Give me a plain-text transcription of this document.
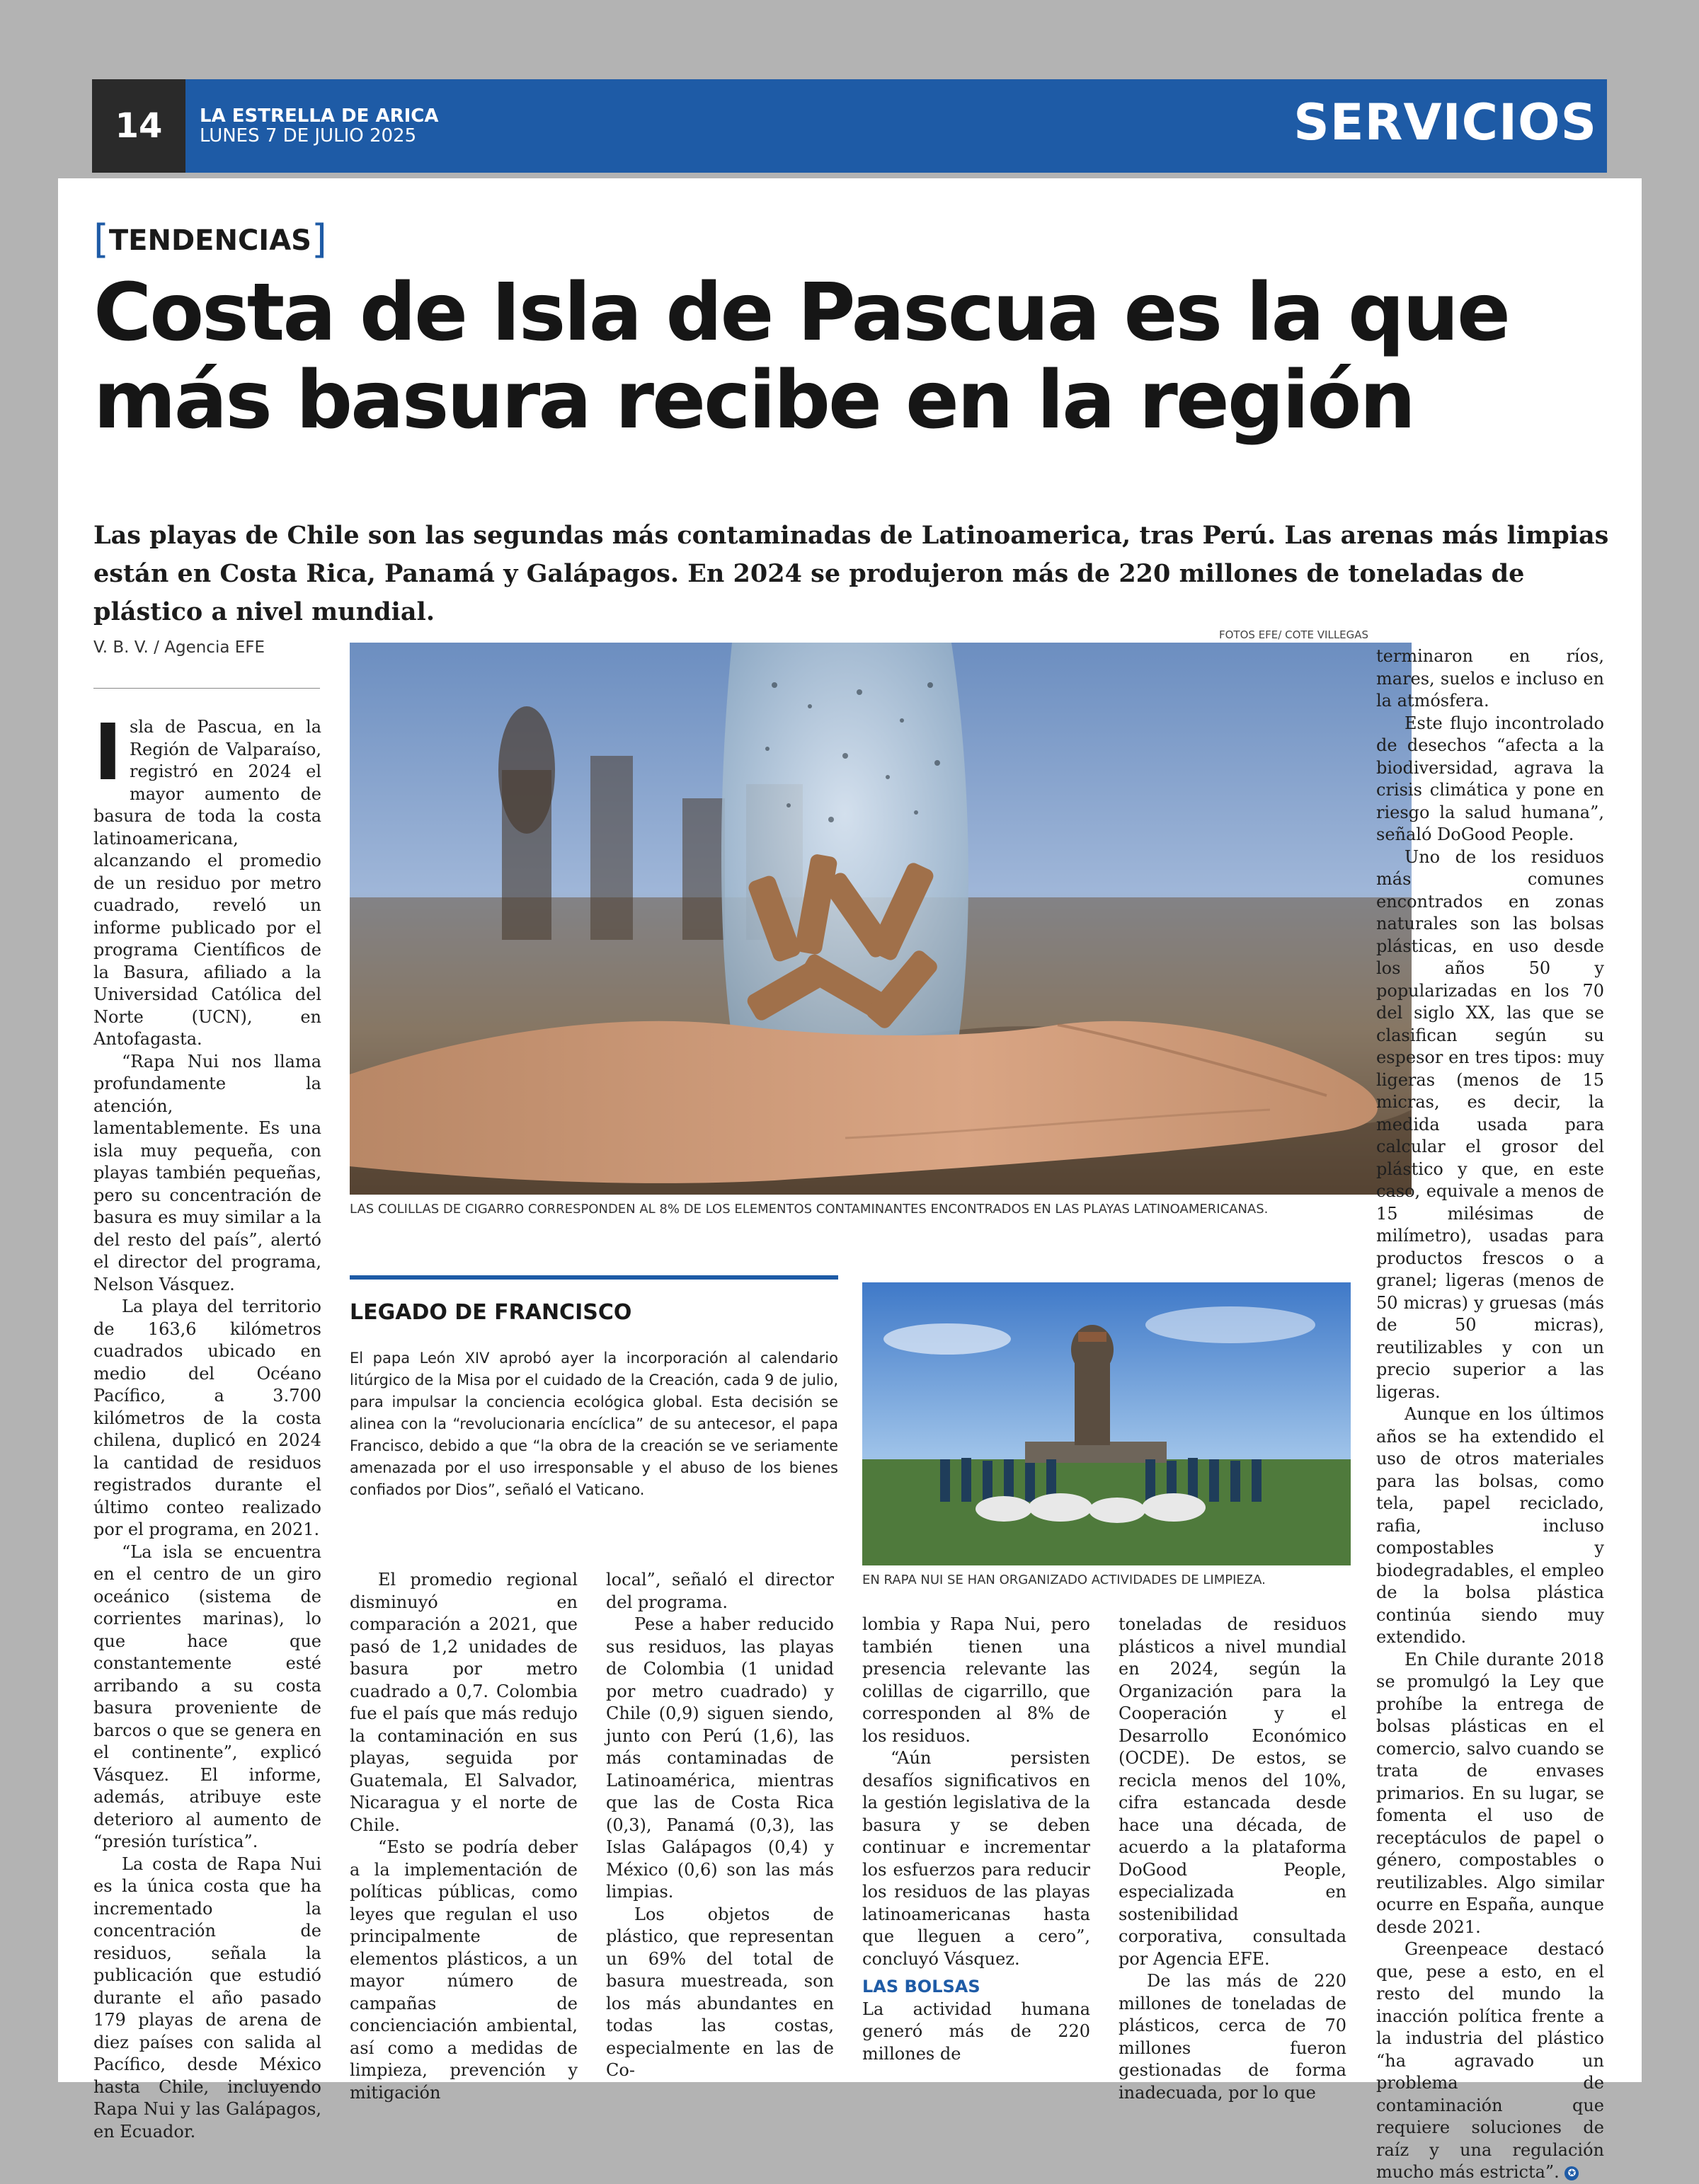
14	LA ESTRELLA DE ARICA
LUNES 7 DE JULIO 2025	SERVICIOS
[TENDENCIAS]
Costa de Isla de Pascua es la que más basura recibe en la región
Las playas de Chile son las segundas más contaminadas de Latinoamerica, tras Perú. Las arenas más limpias están en Costa Rica, Panamá y Galápagos. En 2024 se produjeron más de 220 millones de toneladas de plástico a nivel mundial.
V. B. V. / Agencia EFE

Isla de Pascua, en la Región de Valparaíso, registró en 2024 el mayor aumento de basura de toda la costa latinoamericana, alcanzando el promedio de un residuo por metro cuadrado, reveló un informe publicado por el programa Científicos de la Basura, afiliado a la Universidad Católica del Norte (UCN), en Antofagasta.

“Rapa Nui nos llama profundamente la atención, lamentablemente. Es una isla muy pequeña, con playas también pequeñas, pero su concentración de basura es muy similar a la del resto del país”, alertó el director del programa, Nelson Vásquez.

La playa del territorio de 163,6 kilómetros cuadrados ubicado en medio del Océano Pacífico, a 3.700 kilómetros de la costa chilena, duplicó en 2024 la cantidad de residuos registrados durante el último conteo realizado por el programa, en 2021.

“La isla se encuentra en el centro de un giro oceánico (sistema de corrientes marinas), lo que hace que constantemente esté arribando a su costa basura proveniente de barcos o que se genera en el continente”, explicó Vásquez. El informe, además, atribuye este deterioro al aumento de “presión turística”.

La costa de Rapa Nui es la única costa que ha incrementado la concentración de residuos, señala la publicación que estudió durante el año pasado 179 playas de arena de diez países con salida al Pacífico, desde México hasta Chile, incluyendo Rapa Nui y las Galápagos, en Ecuador.

FOTOS EFE/ COTE VILLEGAS
LAS COLILLAS DE CIGARRO CORRESPONDEN AL 8% DE LOS ELEMENTOS CONTAMINANTES ENCONTRADOS EN LAS PLAYAS LATINOAMERICANAS.
LEGADO DE FRANCISCO
El papa León XIV aprobó ayer la incorporación al calendario litúrgico de la Misa por el cuidado de la Creación, cada 9 de julio, para impulsar la conciencia ecológica global. Esta decisión se alinea con la “revolucionaria encíclica” de su antecesor, el papa Francisco, debido a que “la obra de la creación se ve seriamente amenazada por el uso irresponsable y el abuso de los bienes confiados por Dios”, señaló el Vaticano.
EN RAPA NUI SE HAN ORGANIZADO ACTIVIDADES DE LIMPIEZA.

El promedio regional disminuyó en comparación a 2021, que pasó de 1,2 unidades de basura por metro cuadrado a 0,7. Colombia fue el país que más redujo la contaminación en sus playas, seguida por Guatemala, El Salvador, Nicaragua y el norte de Chile.

“Esto se podría deber a la implementación de políticas públicas, como leyes que regulan el uso principalmente de elementos plásticos, a un mayor número de campañas de concienciación ambiental, así como a medidas de limpieza, prevención y mitigación

local”, señaló el director del programa.

Pese a haber reducido sus residuos, las playas de Colombia (1 unidad por metro cuadrado) y Chile (0,9) siguen siendo, junto con Perú (1,6), las más contaminadas de Latinoamérica, mientras que las de Costa Rica (0,3), Panamá (0,3), las Islas Galápagos (0,4) y México (0,6) son las más limpias.

Los objetos de plástico, que representan un 69% del total de basura muestreada, son los más abundantes en todas las costas, especialmente en las de Co-

lombia y Rapa Nui, pero también tienen una presencia relevante las colillas de cigarrillo, que corresponden al 8% de los residuos.

“Aún persisten desafíos significativos en la gestión legislativa de la basura y se deben continuar e incrementar los esfuerzos para reducir los residuos de las playas latinoamericanas hasta que lleguen a cero”, concluyó Vásquez.

LAS BOLSAS

La actividad humana generó más de 220 millones de

toneladas de residuos plásticos a nivel mundial en 2024, según la Organización para la Cooperación y el Desarrollo Económico (OCDE). De estos, se recicla menos del 10%, cifra estancada desde hace una década, de acuerdo a la plataforma DoGood People, especializada en sostenibilidad corporativa, consultada por Agencia EFE.

De las más de 220 millones de toneladas de plásticos, cerca de 70 millones fueron gestionadas de forma inadecuada, por lo que

terminaron en ríos, mares, suelos e incluso en la atmósfera.

Este flujo incontrolado de desechos “afecta a la biodiversidad, agrava la crisis climática y pone en riesgo la salud humana”, señaló DoGood People.

Uno de los residuos más comunes encontrados en zonas naturales son las bolsas plásticas, en uso desde los años 50 y popularizadas en los 70 del siglo XX, las que se clasifican según su espesor en tres tipos: muy ligeras (menos de 15 micras, es decir, la medida usada para calcular el grosor del plástico y que, en este caso, equivale a menos de 15 milésimas de milímetro), usadas para productos frescos o a granel; ligeras (menos de 50 micras) y gruesas (más de 50 micras), reutilizables y con un precio superior a las ligeras.

Aunque en los últimos años se ha extendido el uso de otros materiales para las bolsas, como tela, papel reciclado, rafia, incluso compostables y biodegradables, el empleo de la bolsa plástica continúa siendo muy extendido.

En Chile durante 2018 se promulgó la Ley que prohíbe la entrega de bolsas plásticas en el comercio, salvo cuando se trata de envases primarios. En su lugar, se fomenta el uso de receptáculos de papel o género, compostables o reutilizables. Algo similar ocurre en España, aunque desde 2021.

Greenpeace destacó que, pese a esto, en el resto del mundo la inacción política frente a la industria del plástico “ha agravado un problema de contaminación que requiere soluciones de raíz y una regulación mucho más estricta”. ✪
